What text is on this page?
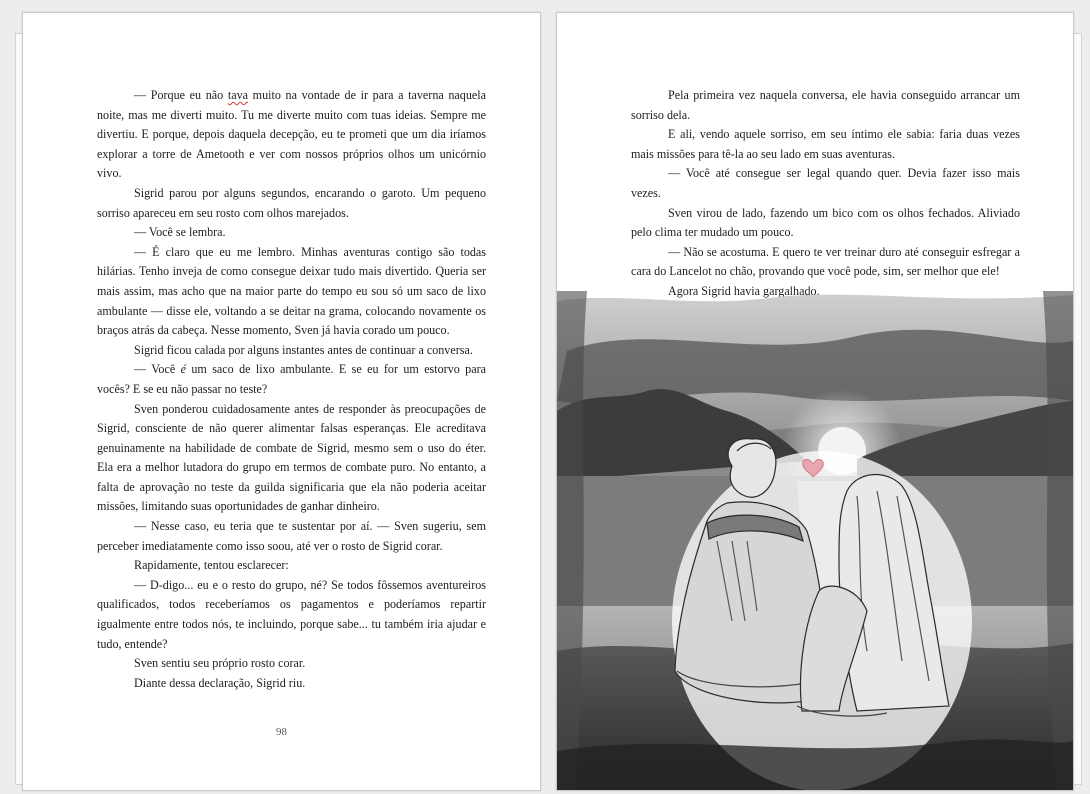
— Porque eu não tava muito na vontade de ir para a taverna naquela noite, mas me diverti muito. Tu me diverte muito com tuas ideias. Sempre me divertiu. E porque, depois daquela decepção, eu te prometi que um dia iríamos explorar a torre de Ametooth e ver com nossos próprios olhos um unicórnio vivo.

Sigrid parou por alguns segundos, encarando o garoto. Um pequeno sorriso apareceu em seu rosto com olhos marejados.

— Você se lembra.

— É claro que eu me lembro. Minhas aventuras contigo são todas hilárias. Tenho inveja de como consegue deixar tudo mais divertido. Queria ser mais assim, mas acho que na maior parte do tempo eu sou só um saco de lixo ambulante — disse ele, voltando a se deitar na grama, colocando novamente os braços atrás da cabeça. Nesse momento, Sven já havia corado um pouco.

Sigrid ficou calada por alguns instantes antes de continuar a conversa.

— Você é um saco de lixo ambulante. E se eu for um estorvo para vocês? E se eu não passar no teste?

Sven ponderou cuidadosamente antes de responder às preocupações de Sigrid, consciente de não querer alimentar falsas esperanças. Ele acreditava genuinamente na habilidade de combate de Sigrid, mesmo sem o uso do éter. Ela era a melhor lutadora do grupo em termos de combate puro. No entanto, a falta de aprovação no teste da guilda significaria que ela não poderia aceitar missões, limitando suas oportunidades de ganhar dinheiro.

— Nesse caso, eu teria que te sustentar por aí. — Sven sugeriu, sem perceber imediatamente como isso soou, até ver o rosto de Sigrid corar.

Rapidamente, tentou esclarecer:

— D-digo... eu e o resto do grupo, né? Se todos fôssemos aventureiros qualificados, todos receberíamos os pagamentos e poderíamos repartir igualmente entre todos nós, te incluindo, porque sabe... tu também iria ajudar e tudo, entende?

Sven sentiu seu próprio rosto corar.

Diante dessa declaração, Sigrid riu.

98

Pela primeira vez naquela conversa, ele havia conseguido arrancar um sorriso dela.

E ali, vendo aquele sorriso, em seu íntimo ele sabia: faria duas vezes mais missões para tê-la ao seu lado em suas aventuras.

— Você até consegue ser legal quando quer. Devia fazer isso mais vezes.

Sven virou de lado, fazendo um bico com os olhos fechados. Aliviado pelo clima ter mudado um pouco.

— Não se acostuma. E quero te ver treinar duro até conseguir esfregar a cara do Lancelot no chão, provando que você pode, sim, ser melhor que ele!

Agora Sigrid havia gargalhado.
